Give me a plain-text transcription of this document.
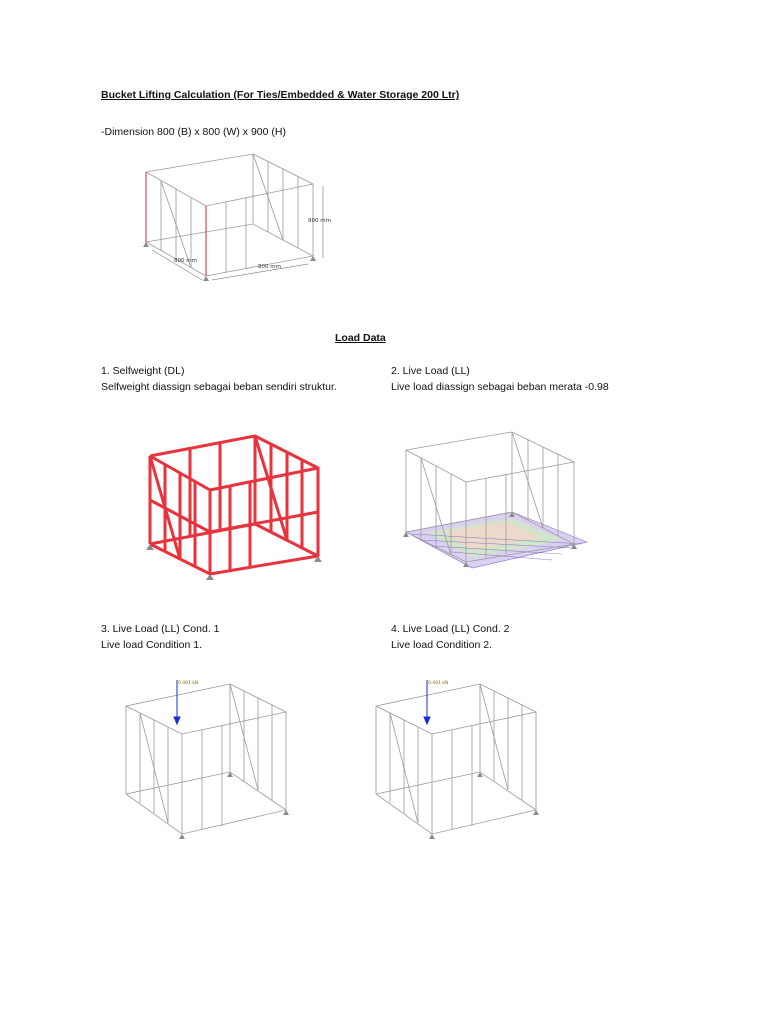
Bucket Lifting Calculation (For Ties/Embedded & Water Storage 200 Ltr)
-Dimension 800 (B) x 800 (W) x 900 (H)
900 mm
800 mm
800 mm
Load Data
1. Selfweight (DL)
Selfweight diassign sebagai beban sendiri struktur.
2. Live Load (LL)
Live load diassign sebagai beban merata -0.98
3. Live Load (LL) Cond. 1
Live load Condition 1.
4. Live Load (LL) Cond. 2
Live load Condition 2.
0.491 kN	0.491 kN
